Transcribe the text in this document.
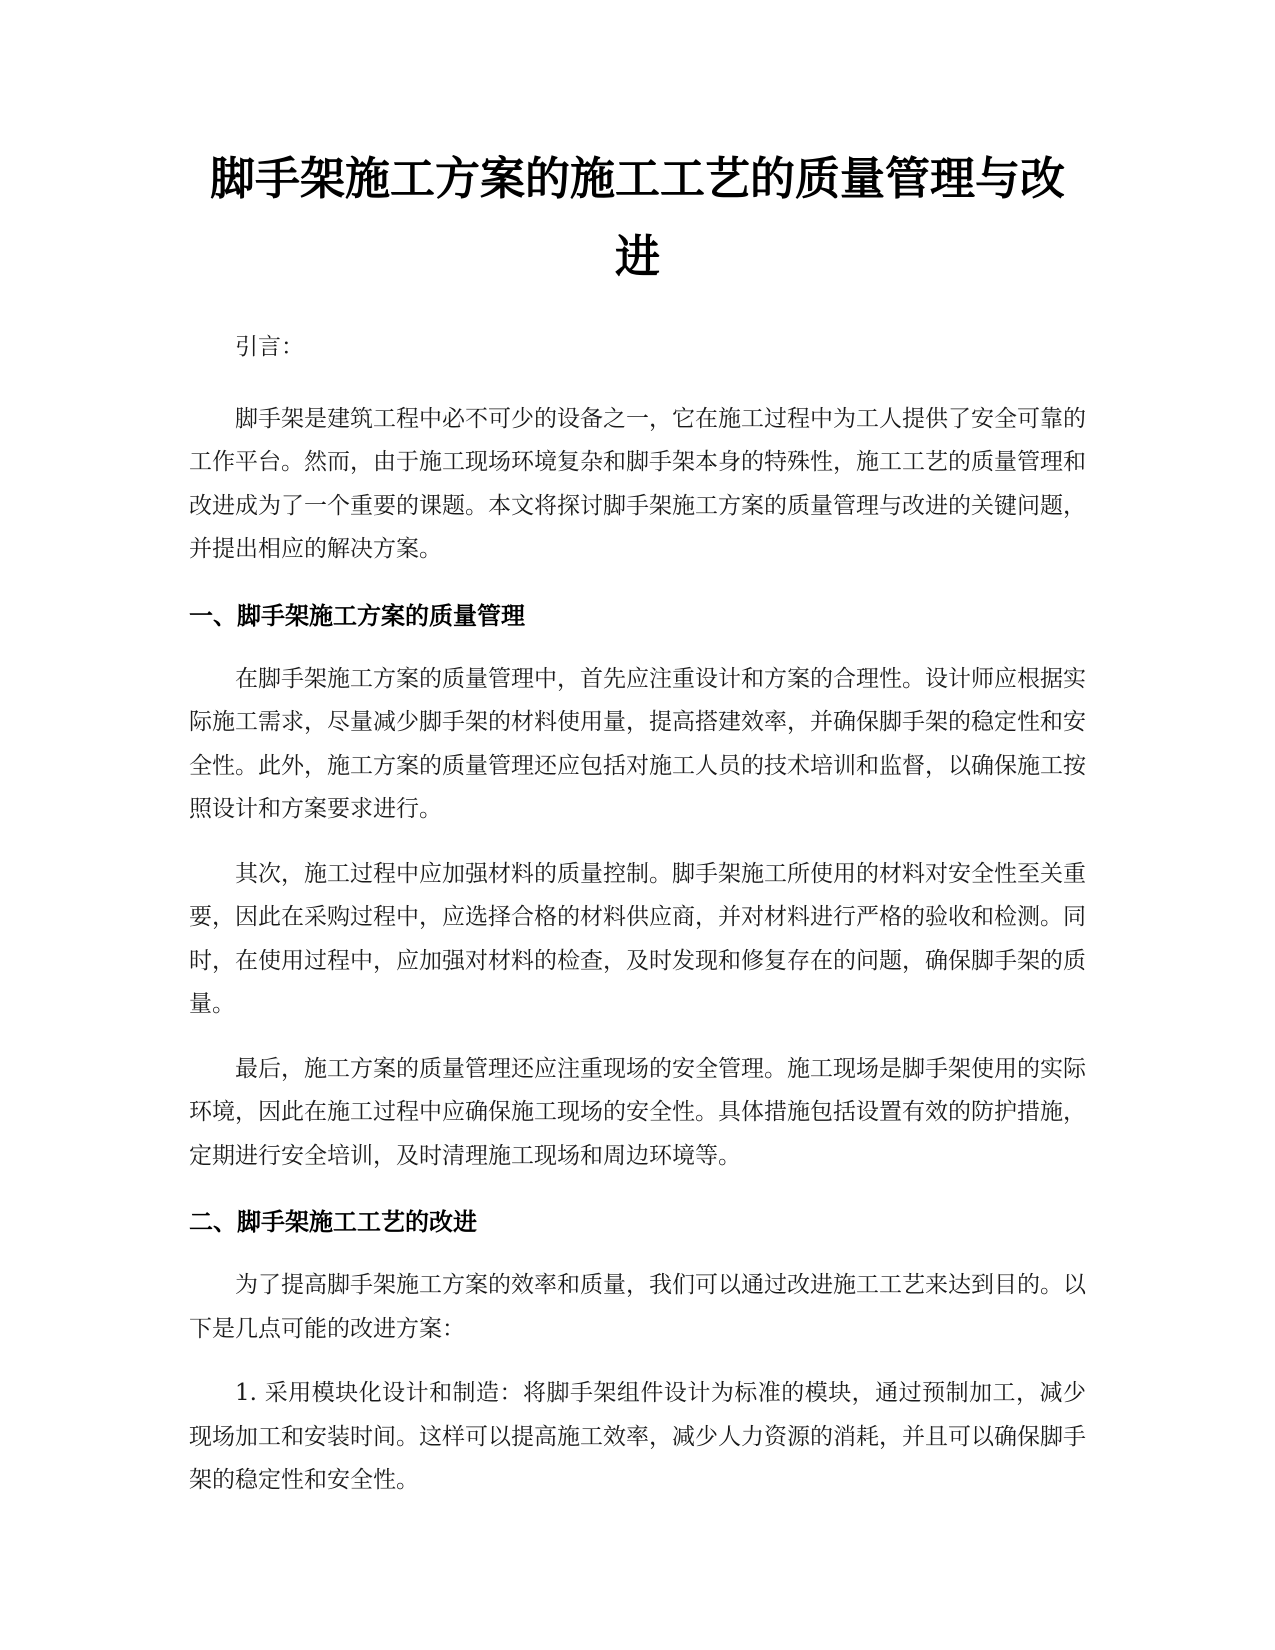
脚手架施工方案的施工工艺的质量管理与改进

引言：

脚手架是建筑工程中必不可少的设备之一，它在施工过程中为工人提供了安全可靠的工作平台。然而，由于施工现场环境复杂和脚手架本身的特殊性，施工工艺的质量管理和改进成为了一个重要的课题。本文将探讨脚手架施工方案的质量管理与改进的关键问题，并提出相应的解决方案。

一、脚手架施工方案的质量管理

在脚手架施工方案的质量管理中，首先应注重设计和方案的合理性。设计师应根据实际施工需求，尽量减少脚手架的材料使用量，提高搭建效率，并确保脚手架的稳定性和安全性。此外，施工方案的质量管理还应包括对施工人员的技术培训和监督，以确保施工按照设计和方案要求进行。

其次，施工过程中应加强材料的质量控制。脚手架施工所使用的材料对安全性至关重要，因此在采购过程中，应选择合格的材料供应商，并对材料进行严格的验收和检测。同时，在使用过程中，应加强对材料的检查，及时发现和修复存在的问题，确保脚手架的质量。

最后，施工方案的质量管理还应注重现场的安全管理。施工现场是脚手架使用的实际环境，因此在施工过程中应确保施工现场的安全性。具体措施包括设置有效的防护措施，定期进行安全培训，及时清理施工现场和周边环境等。

二、脚手架施工工艺的改进

为了提高脚手架施工方案的效率和质量，我们可以通过改进施工工艺来达到目的。以下是几点可能的改进方案：

1. 采用模块化设计和制造：将脚手架组件设计为标准的模块，通过预制加工，减少现场加工和安装时间。这样可以提高施工效率，减少人力资源的消耗，并且可以确保脚手架的稳定性和安全性。
